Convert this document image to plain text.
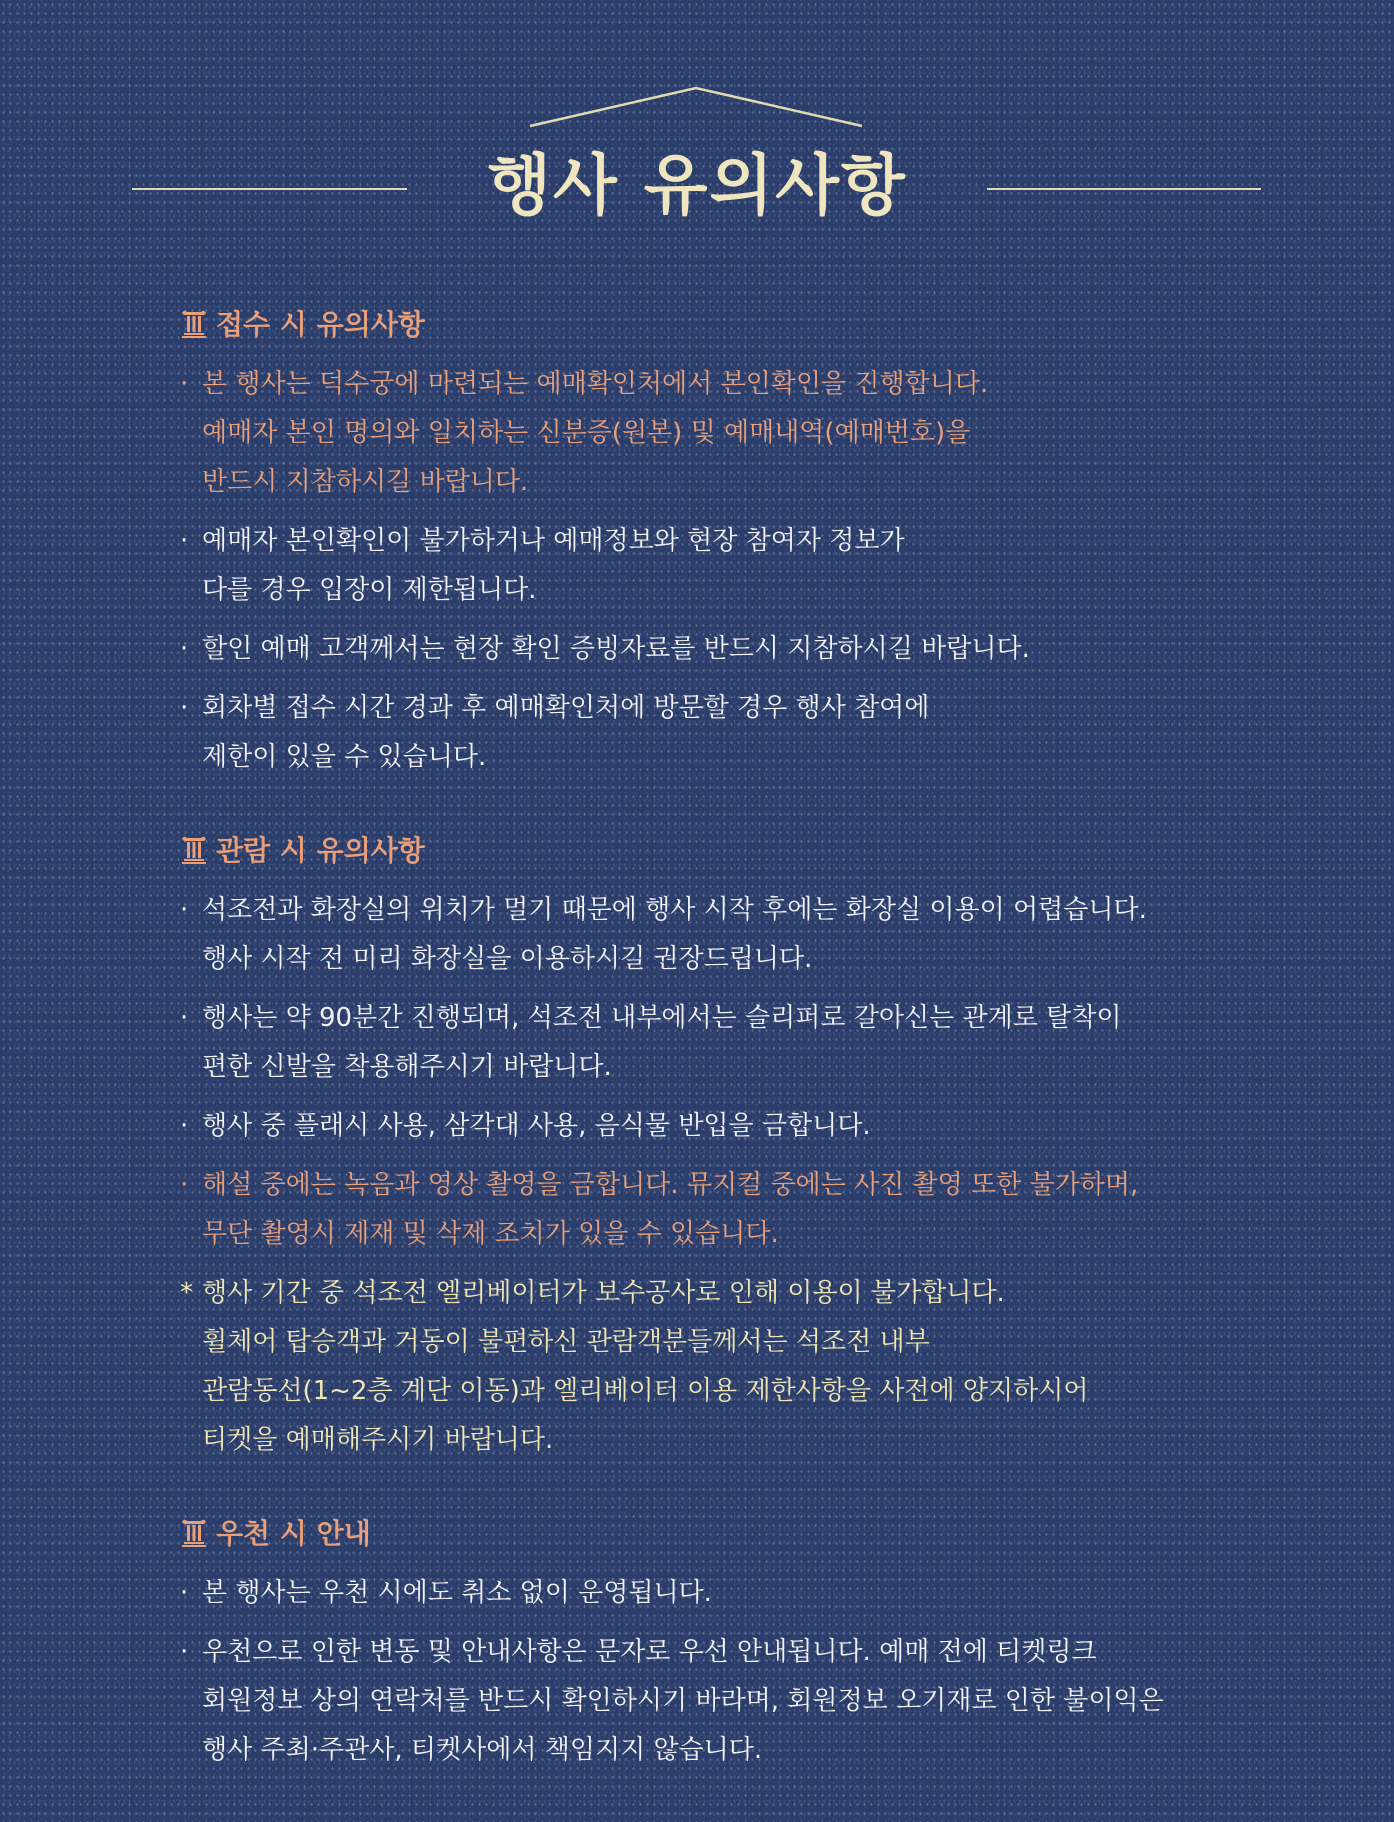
행사 유의사항
접수 시 유의사항
· 본 행사는 덕수궁에 마련되는 예매확인처에서 본인확인을 진행합니다.
예매자 본인 명의와 일치하는 신분증(원본) 및 예매내역(예매번호)을
반드시 지참하시길 바랍니다.
· 예매자 본인확인이 불가하거나 예매정보와 현장 참여자 정보가
다를 경우 입장이 제한됩니다.
· 할인 예매 고객께서는 현장 확인 증빙자료를 반드시 지참하시길 바랍니다.
· 회차별 접수 시간 경과 후 예매확인처에 방문할 경우 행사 참여에
제한이 있을 수 있습니다.
관람 시 유의사항
· 석조전과 화장실의 위치가 멀기 때문에 행사 시작 후에는 화장실 이용이 어렵습니다.
행사 시작 전 미리 화장실을 이용하시길 권장드립니다.
· 행사는 약 90분간 진행되며, 석조전 내부에서는 슬리퍼로 갈아신는 관계로 탈착이
편한 신발을 착용해주시기 바랍니다.
· 행사 중 플래시 사용, 삼각대 사용, 음식물 반입을 금합니다.
· 해설 중에는 녹음과 영상 촬영을 금합니다. 뮤지컬 중에는 사진 촬영 또한 불가하며,
무단 촬영시 제재 및 삭제 조치가 있을 수 있습니다.
* 행사 기간 중 석조전 엘리베이터가 보수공사로 인해 이용이 불가합니다.
휠체어 탑승객과 거동이 불편하신 관람객분들께서는 석조전 내부
관람동선(1~2층 계단 이동)과 엘리베이터 이용 제한사항을 사전에 양지하시어
티켓을 예매해주시기 바랍니다.
우천 시 안내
· 본 행사는 우천 시에도 취소 없이 운영됩니다.
· 우천으로 인한 변동 및 안내사항은 문자로 우선 안내됩니다. 예매 전에 티켓링크
회원정보 상의 연락처를 반드시 확인하시기 바라며, 회원정보 오기재로 인한 불이익은
행사 주최·주관사, 티켓사에서 책임지지 않습니다.
